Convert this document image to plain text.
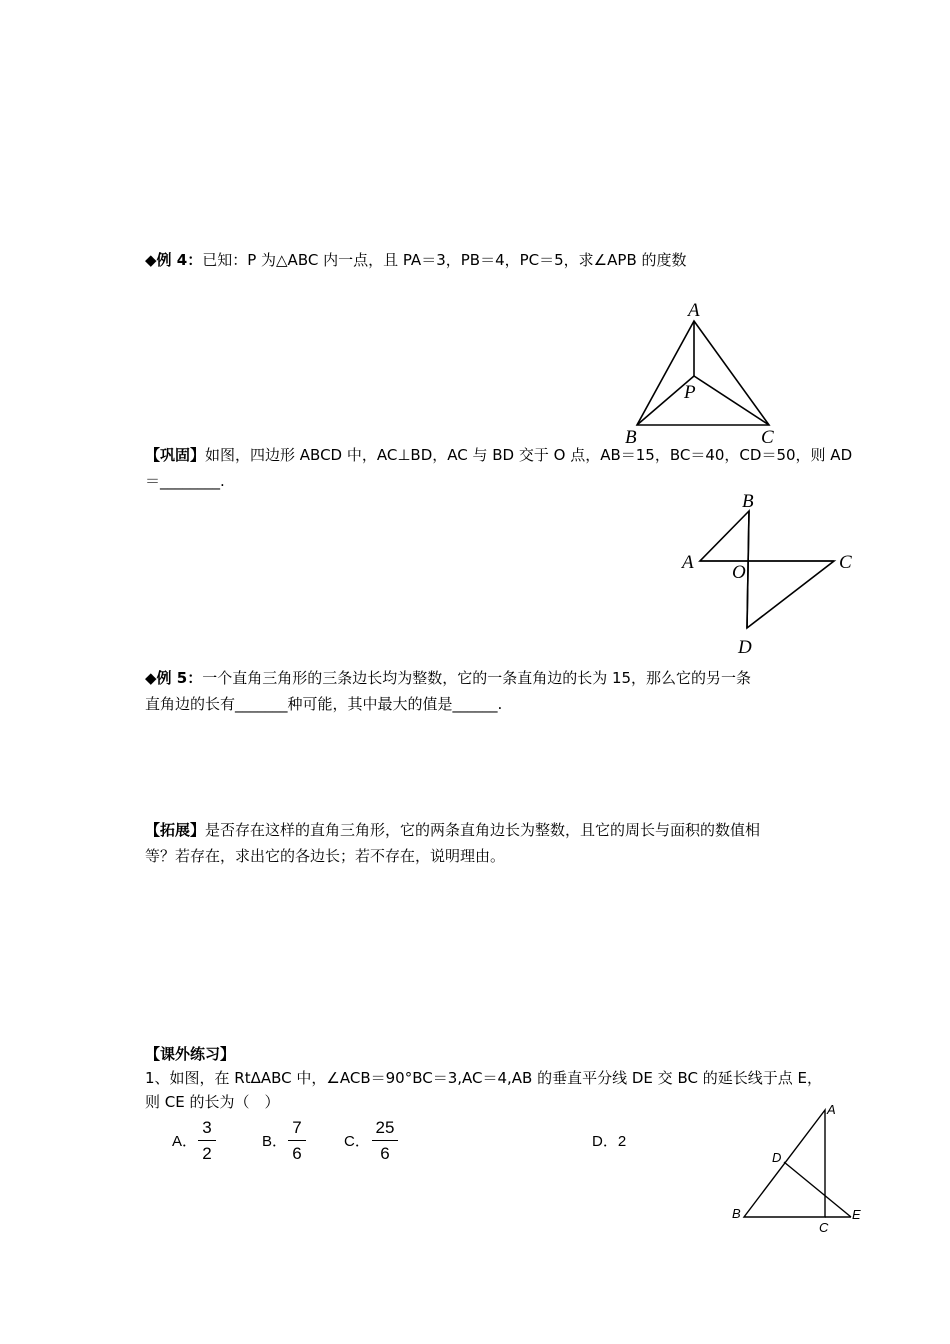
◆例 4：已知：P 为△ABC 内一点，且 PA＝3，PB＝4，PC＝5，求∠APB 的度数
A
P
B	C
【巩固】如图，四边形 ABCD 中，AC⊥BD，AC 与 BD 交于 O 点，AB＝15，BC＝40，CD＝50，则 AD
＝________.
B
A	C
O
D
◆例 5：一个直角三角形的三条边长均为整数，它的一条直角边的长为 15，那么它的另一条
直角边的长有_______种可能，其中最大的值是______.
【拓展】是否存在这样的直角三角形，它的两条直角边长为整数，且它的周长与面积的数值相
等？若存在，求出它的各边长；若不存在，说明理由。
【课外练习】
1、如图，在 RtΔABC 中，∠ACB＝90°BC＝3,AC＝4,AB 的垂直平分线 DE 交 BC 的延长线于点 E，
则 CE 的长为（　）
A．
3
2
B．
7
6
C．
25
6
D．2
A
D
B
C
E
